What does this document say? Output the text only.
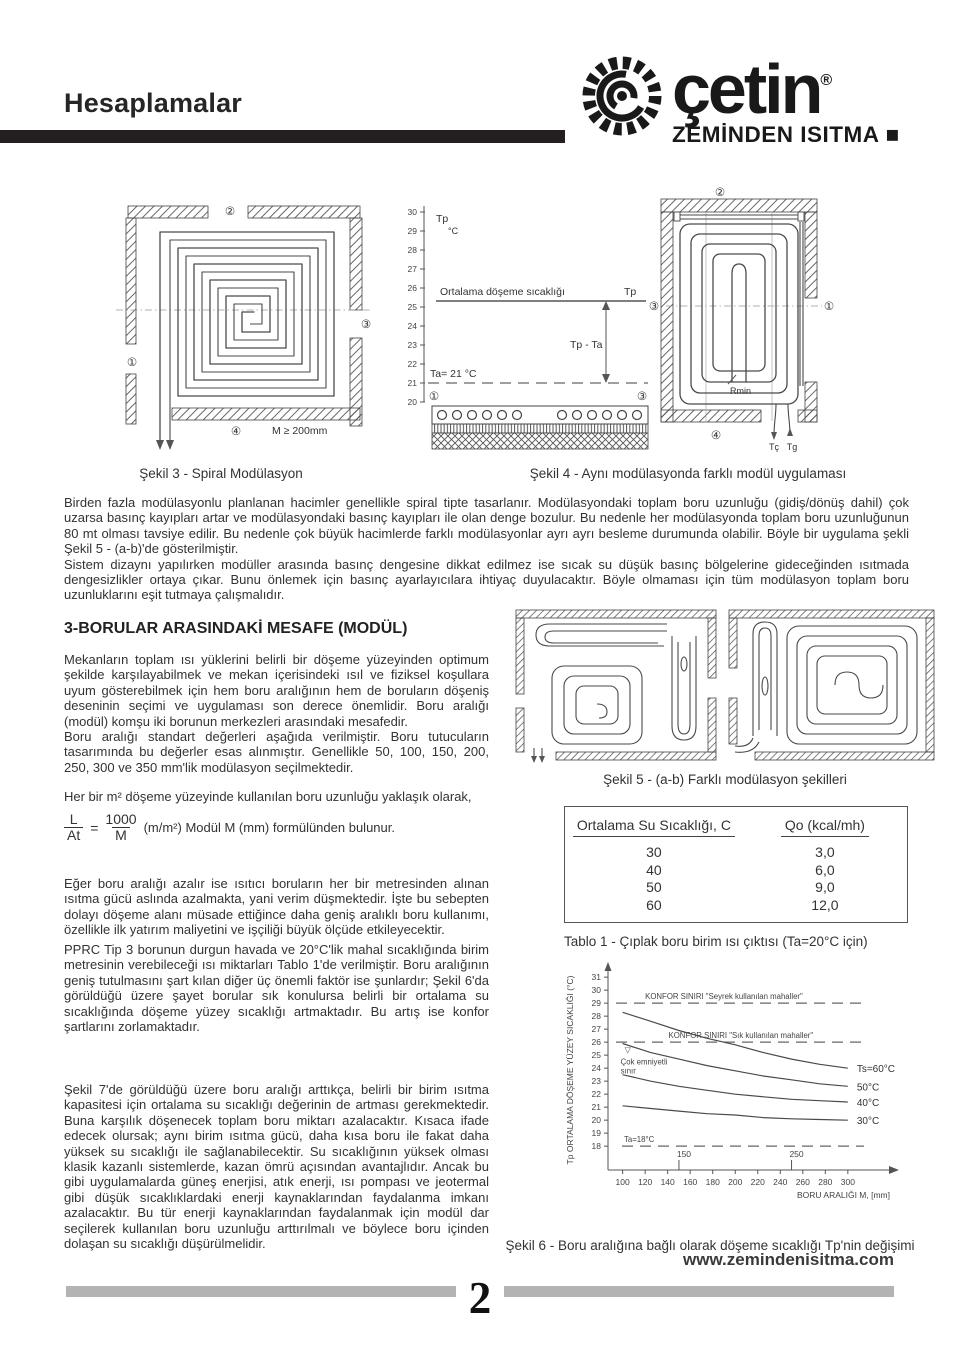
Hesaplamalar	çetin®
ZEMİNDEN ISITMA ■
②
①
③
④	M ≥ 200mm
Şekil 3 - Spiral Modülasyon
30
29
28
27
26
25
24
23
22
21
20
Tp
°C
Ortalama döşeme sıcaklığı	Tp
Tp - Ta
Ta= 21 °C
①	③	Rmin
Tç Tg
②
③	①
④
Şekil 4 - Aynı modülasyonda farklı modül uygulaması

Birden fazla modülasyonlu planlanan hacimler genellikle spiral tipte tasarlanır. Modülasyondaki toplam boru uzunluğu (gidiş/dönüş dahil) çok uzarsa basınç kayıpları artar ve modülasyondaki basınç kayıpları ile olan denge bozulur. Bu nedenle her modülasyonda toplam boru uzunluğunun 80 mt olması tavsiye edilir. Bu nedenle çok büyük hacimlerde farklı modülasyonlar ayrı ayrı besleme durumunda olabilir. Böyle bir uygulama şekli Şekil 5 - (a-b)'de gösterilmiştir.

Sistem dizaynı yapılırken modüller arasında basınç dengesine dikkat edilmez ise sıcak su düşük basınç bölgelerine gideceğinden ısıtmada dengesizlikler ortaya çıkar. Bunu önlemek için basınç ayarlayıcılara ihtiyaç duyulacaktır. Böyle olmaması için tüm modülasyon toplam boru uzunluklarını eşit tutmaya çalışmalıdır.

3-BORULAR ARASINDAKİ MESAFE (MODÜL)

Mekanların toplam ısı yüklerini belirli bir döşeme yüzeyinden optimum şekilde karşılayabilmek ve mekan içerisindeki ısıl ve fiziksel koşullara uyum gösterebilmek için hem boru aralığının hem de boruların döşeniş deseninin seçimi ve uygulaması son derece önemlidir. Boru aralığı (modül) komşu iki borunun merkezleri arasındaki mesafedir.

Boru aralığı standart değerleri aşağıda verilmiştir. Boru tutucuların tasarımında bu değerler esas alınmıştır. Genellikle 50, 100, 150, 200, 250, 300 ve 350 mm'lik modülasyon seçilmektedir.

Her bir m² döşeme yüzeyinde kullanılan boru uzunluğu yaklaşık olarak,
$\frac{L}{At} = \frac{1000}{M} (m/m^2)$ Modül M (mm) formülünden bulunur.
Eğer boru aralığı azalır ise ısıtıcı boruların her bir metresinden alınan ısıtma gücü aslında azalmakta, yani verim düşmektedir. İşte bu sebepten dolayı döşeme alanı müsade ettiğince daha geniş aralıklı boru kullanımı, özellikle ilk yatırım maliyetini ve işçiliği büyük ölçüde etkileyecektir.
PPRC Tip 3 borunun durgun havada ve 20°C'lik mahal sıcaklığında birim metresinin verebileceği ısı miktarları Tablo 1'de verilmiştir. Boru aralığının geniş tutulmasını şart kılan diğer üç önemli faktör ise şunlardır; Şekil 6'da görüldüğü üzere şayet borular sık konulursa belirli bir ortalama su sıcaklığında döşeme yüzey sıcaklığı artmaktadır. Bu artış ise konfor şartlarını zorlamaktadır.
Şekil 7'de görüldüğü üzere boru aralığı arttıkça, belirli bir birim ısıtma kapasitesi için ortalama su sıcaklığı değerinin de artması gerekmektedir. Buna karşılık döşenecek toplam boru miktarı azalacaktır. Kısaca ifade edecek olursak; aynı birim ısıtma gücü, daha kısa boru ile fakat daha yüksek su sıcaklığı ile sağlanabilecektir. Su sıcaklığının yüksek olması klasik kazanlı sistemlerde, kazan ömrü açısından avantajlıdır. Ancak bu gibi uygulamalarda güneş enerjisi, atık enerji, ısı pompası ve jeotermal gibi düşük sıcaklıklardaki enerji kaynaklarından faydalanma imkanı azalacaktır. Bu tür enerji kaynaklarından faydalanmak için modül dar seçilerek kullanılan boru uzunluğu arttırılmalı ve böylece boru içinden dolaşan su sıcaklığı düşürülmelidir.
Şekil 5 - (a-b) Farklı modülasyon şekilleri
Ortalama Su Sıcaklığı, C	Qo (kcal/mh)
30	3,0
40	6,0
50	9,0
60	12,0
Tablo 1 - Çıplak boru birim ısı çıktısı (Ta=20°C için)
18
19
20
21
22
23
24
25
26
27
28
29
30
31
100 120 140 160 180 200 220 240 260 280 300
150	250
KONFOR SINIRI "Seyrek kullanılan mahaller"
KONFOR SINIRI "Sık kullanılan mahaller"
Ta=18°C
Ts=60°C
50°C
40°C
30°C
▽
Çok emniyetli
sınır
BORU ARALIĞI M, [mm]
Tp ORTALAMA DÖŞEME YÜZEY SICAKLIĞI (°C)
Şekil 6 - Boru aralığına bağlı olarak döşeme sıcaklığı Tp'nin değişimi
www.zemindenisitma.com
2
